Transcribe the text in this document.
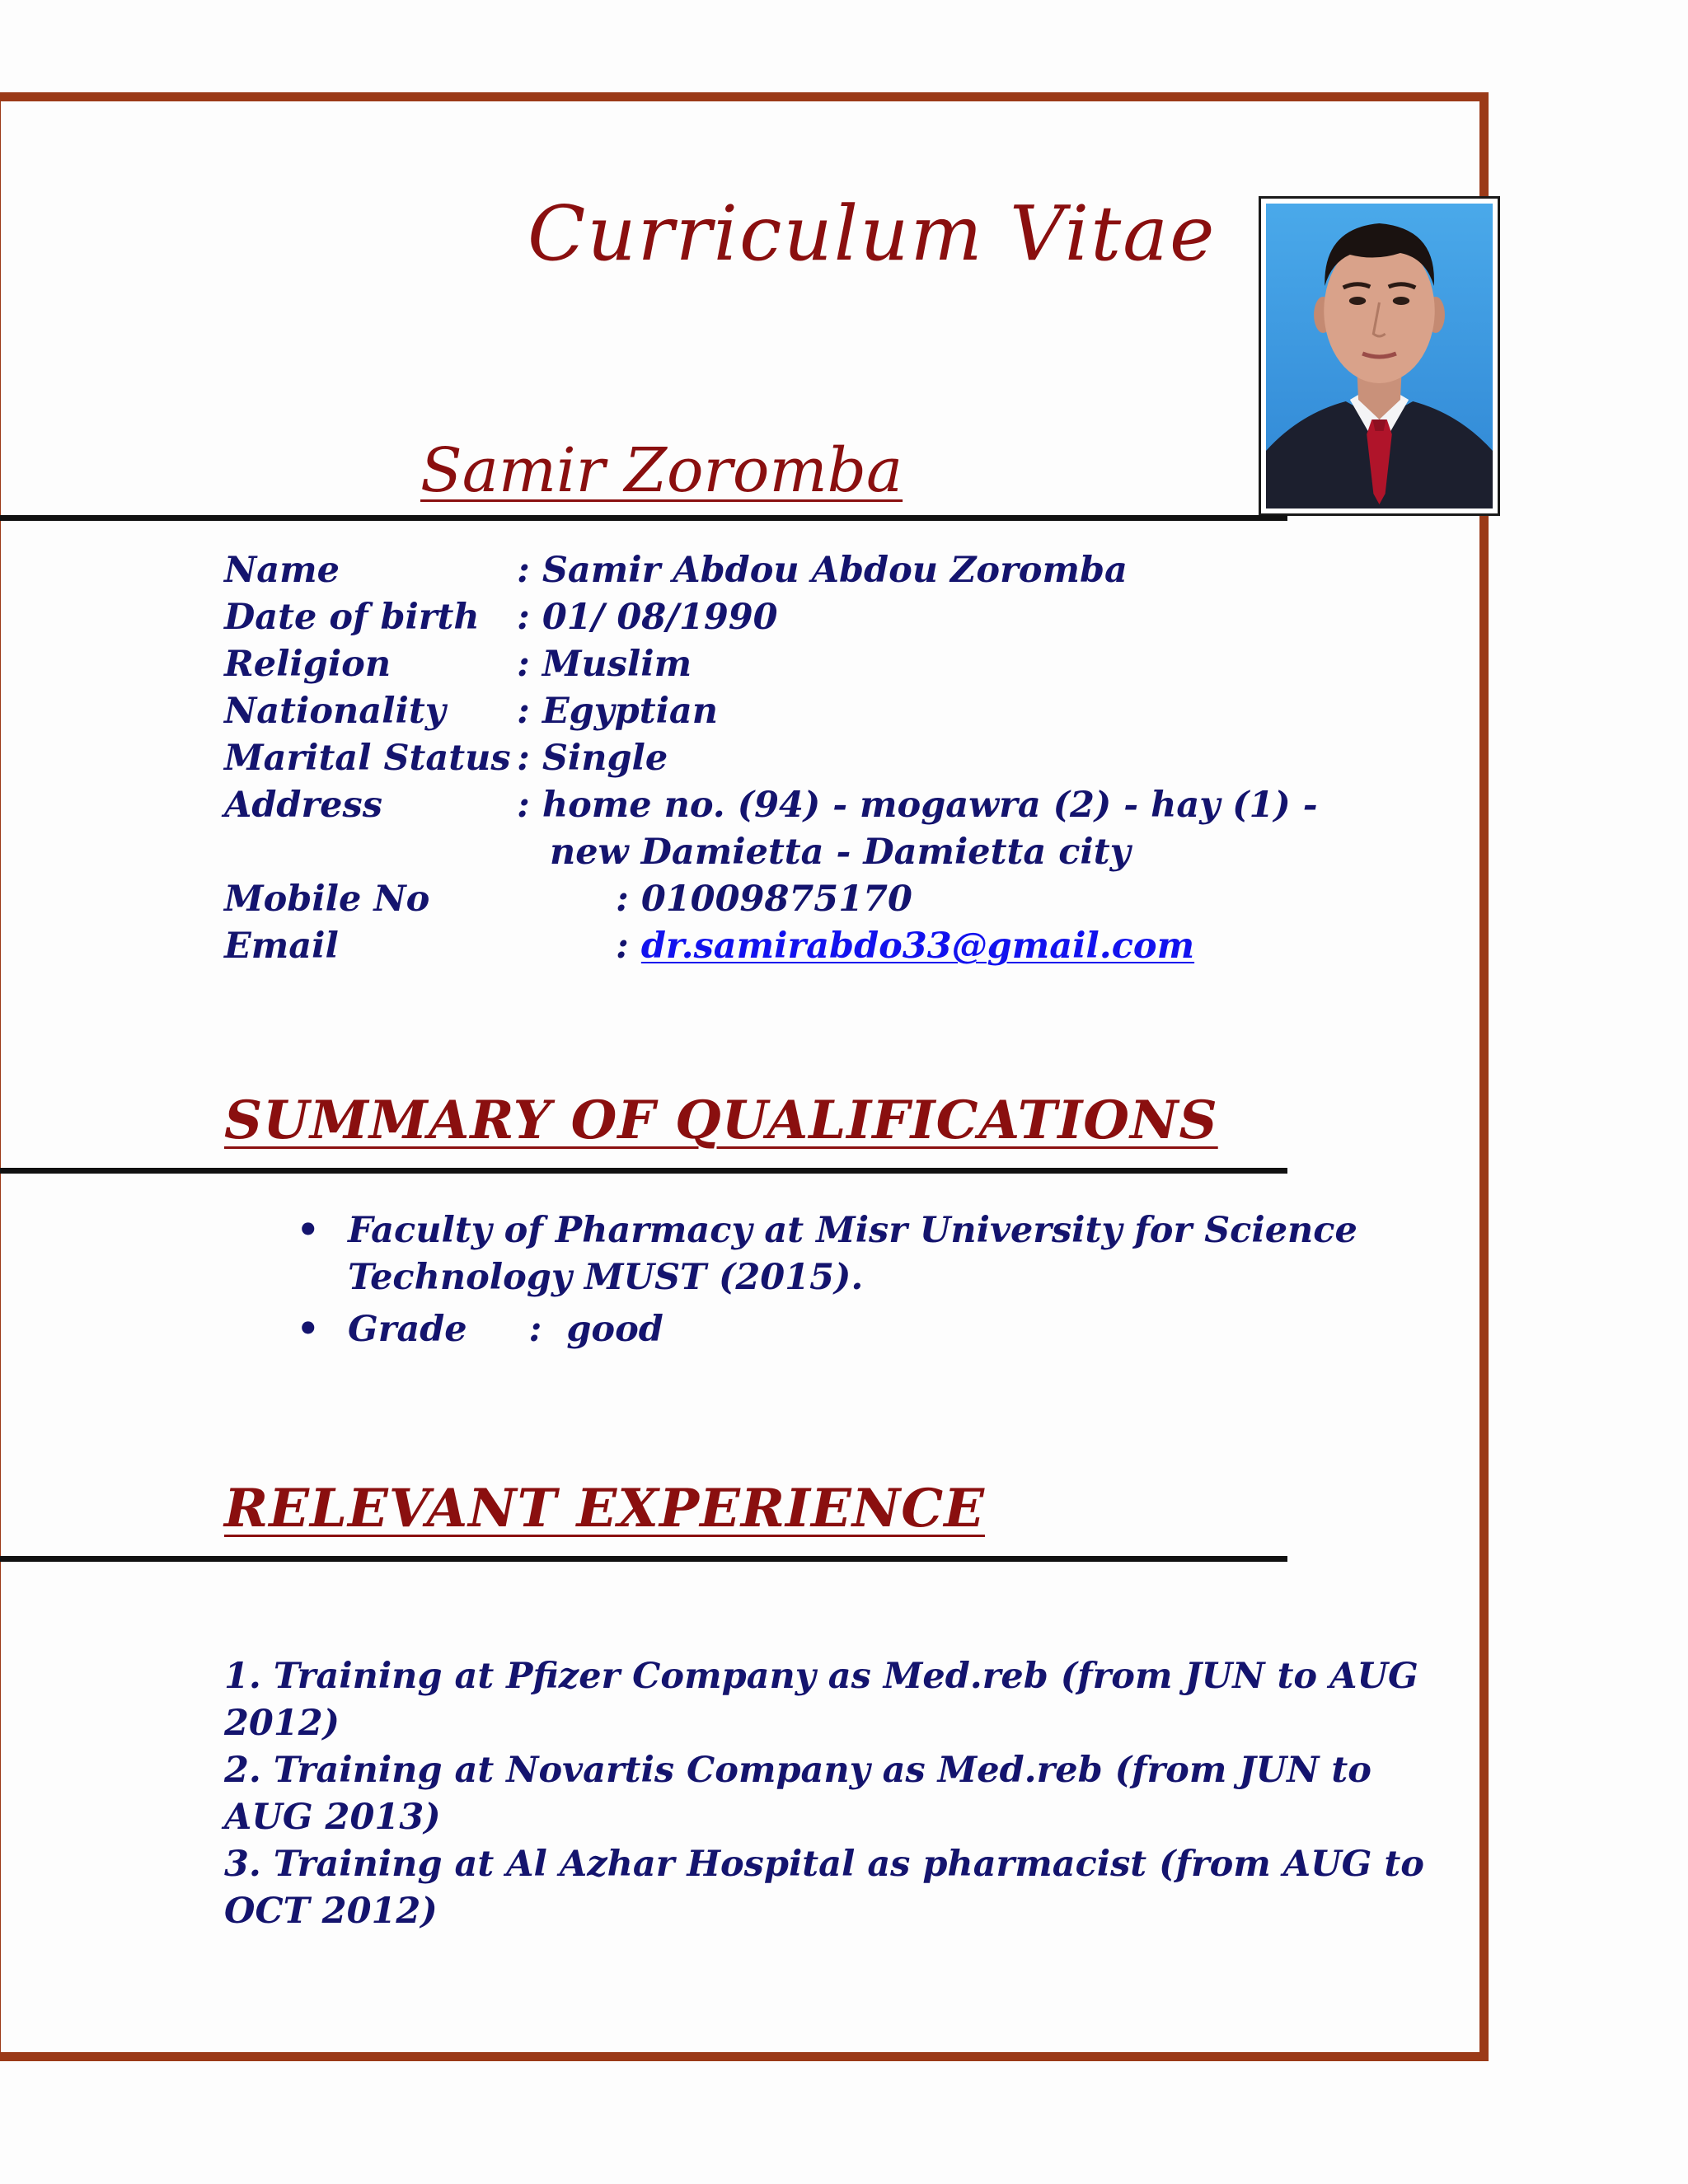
Curriculum Vitae
Samir Zoromba
Name	: Samir Abdou Abdou Zoromba
Date of birth : 01/ 08/1990
Religion	: Muslim
Nationality : Egyptian
Marital Status : Single
Address	: home no. (94) - mogawra (2) - hay (1) -
new Damietta - Damietta city
Mobile No	: 01009875170
Email	: dr.samirabdo33@gmail.com
SUMMARY OF QUALIFICATIONS
• Faculty of Pharmacy at Misr University for Science
Technology MUST (2015).
• Grade     :  good
RELEVANT EXPERIENCE

1. Training at Pfizer Company as Med.reb (from JUN to AUG
2012)

2. Training at Novartis Company as Med.reb (from JUN to
AUG 2013)

3. Training at Al Azhar Hospital as pharmacist (from AUG to
OCT 2012)
